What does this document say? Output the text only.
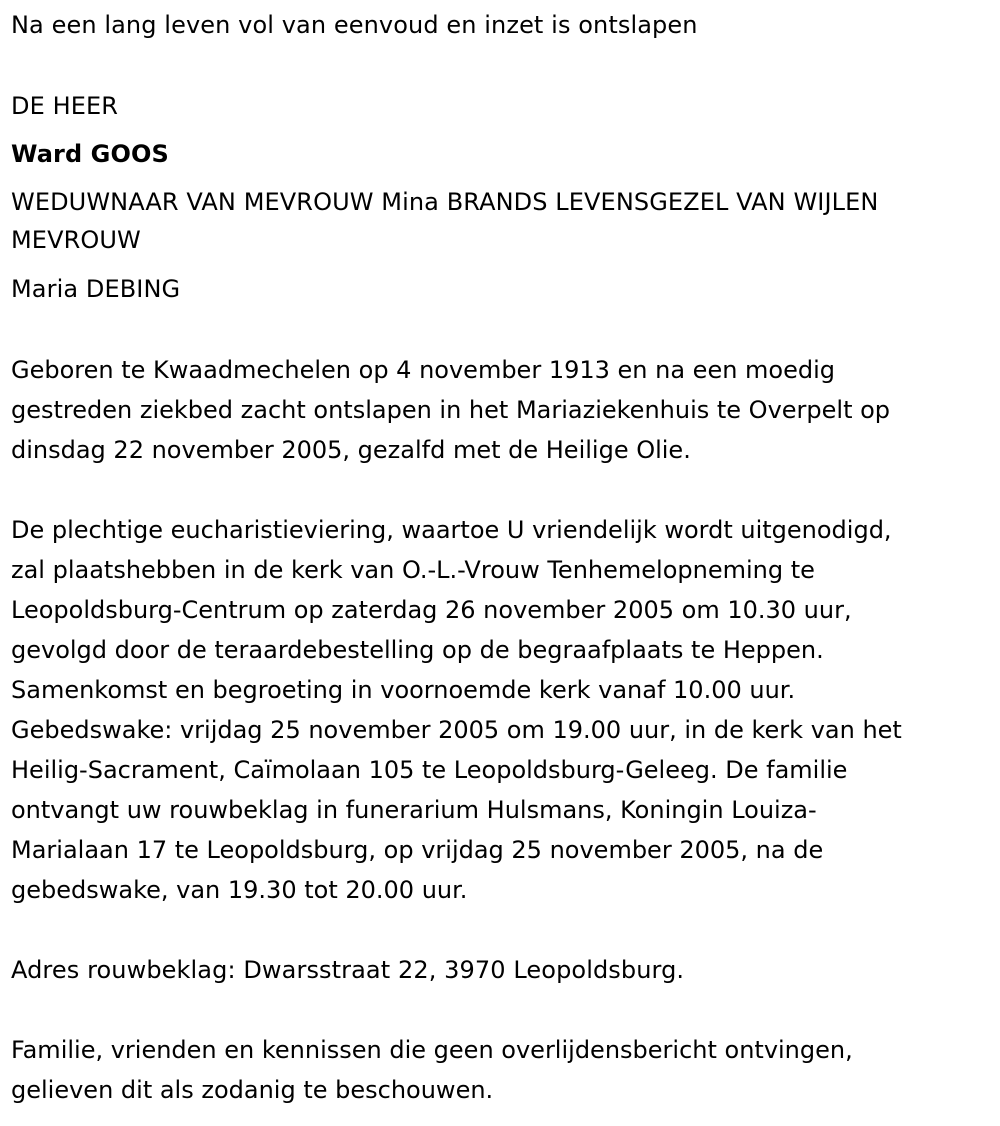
Na een lang leven vol van eenvoud en inzet is ontslapen
DE HEER
Ward GOOS
WEDUWNAAR VAN MEVROUW Mina BRANDS LEVENSGEZEL VAN WIJLEN
MEVROUW
Maria DEBING
Geboren te Kwaadmechelen op 4 november 1913 en na een moedig
gestreden ziekbed zacht ontslapen in het Mariaziekenhuis te Overpelt op
dinsdag 22 november 2005, gezalfd met de Heilige Olie.
De plechtige eucharistieviering, waartoe U vriendelijk wordt uitgenodigd,
zal plaatshebben in de kerk van O.-L.-Vrouw Tenhemelopneming te
Leopoldsburg-Centrum op zaterdag 26 november 2005 om 10.30 uur,
gevolgd door de teraardebestelling op de begraafplaats te Heppen.
Samenkomst en begroeting in voornoemde kerk vanaf 10.00 uur.
Gebedswake: vrijdag 25 november 2005 om 19.00 uur, in de kerk van het
Heilig-Sacrament, Caïmolaan 105 te Leopoldsburg-Geleeg. De familie
ontvangt uw rouwbeklag in funerarium Hulsmans, Koningin Louiza-
Marialaan 17 te Leopoldsburg, op vrijdag 25 november 2005, na de
gebedswake, van 19.30 tot 20.00 uur.
Adres rouwbeklag: Dwarsstraat 22, 3970 Leopoldsburg.
Familie, vrienden en kennissen die geen overlijdensbericht ontvingen,
gelieven dit als zodanig te beschouwen.
